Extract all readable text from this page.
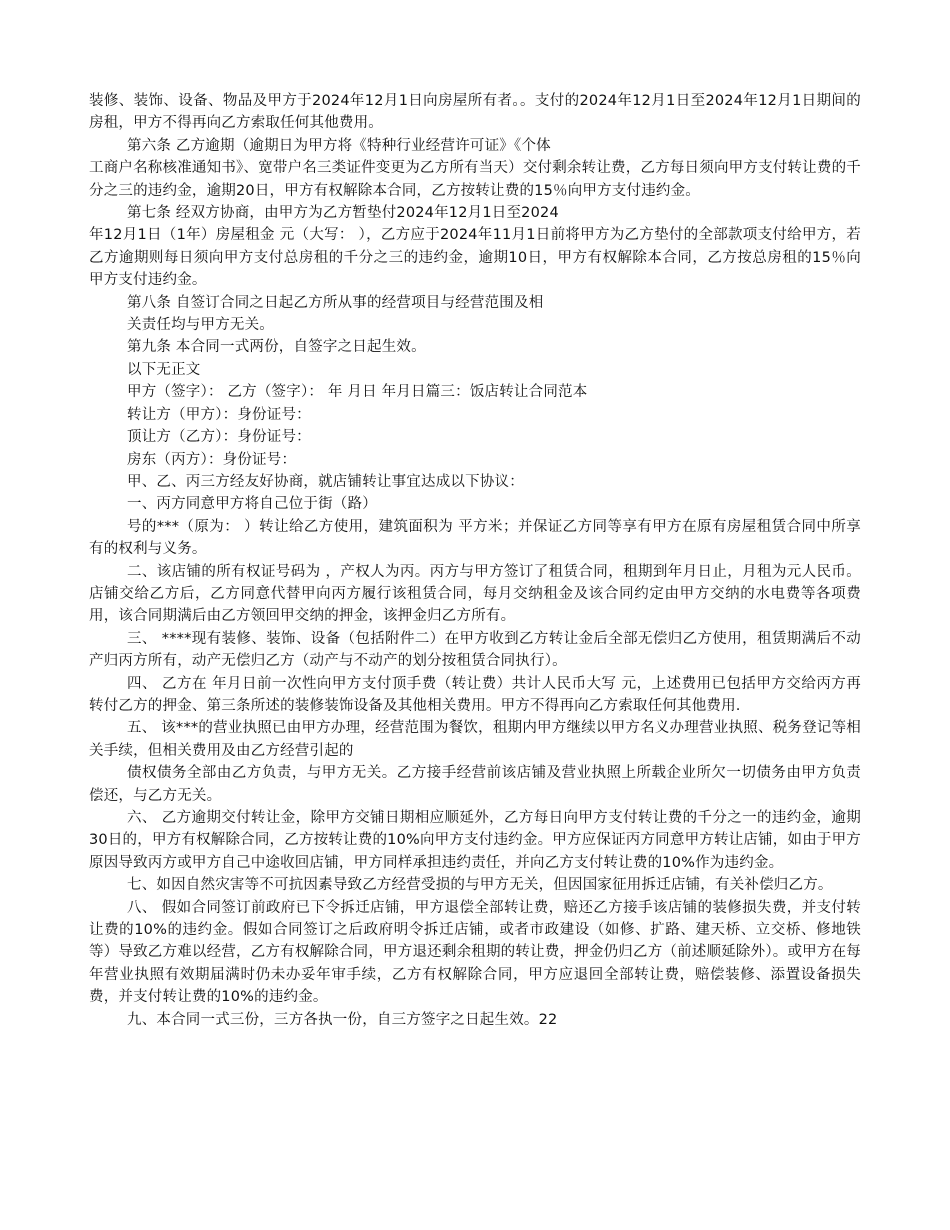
装修、装饰、设备、物品及甲方于2024年12月1日向房屋所有者。。支付的2024年12月1日至2024年12月1日期间的房租，甲方不得再向乙方索取任何其他费用。

第六条 乙方逾期（逾期日为甲方将《特种行业经营许可证》《个体

工商户名称核准通知书》、宽带户名三类证件变更为乙方所有当天）交付剩余转让费，乙方每日须向甲方支付转让费的千分之三的违约金，逾期20日，甲方有权解除本合同，乙方按转让费的15％向甲方支付违约金。

第七条 经双方协商，由甲方为乙方暂垫付2024年12月1日至2024

年12月1日（1年）房屋租金 元（大写： ），乙方应于2024年11月1日前将甲方为乙方垫付的全部款项支付给甲方，若乙方逾期则每日须向甲方支付总房租的千分之三的违约金，逾期10日，甲方有权解除本合同，乙方按总房租的15％向甲方支付违约金。

第八条 自签订合同之日起乙方所从事的经营项目与经营范围及相

关责任均与甲方无关。

第九条 本合同一式两份，自签字之日起生效。

以下无正文

甲方（签字）： 乙方（签字）： 年 月日 年月日篇三：饭店转让合同范本

转让方（甲方）：身份证号：

顶让方（乙方）：身份证号：

房东（丙方）：身份证号：

甲、乙、丙三方经友好协商，就店铺转让事宜达成以下协议：

一、丙方同意甲方将自己位于街（路）

号的***（原为： ）转让给乙方使用，建筑面积为 平方米；并保证乙方同等享有甲方在原有房屋租赁合同中所享有的权利与义务。

二、该店铺的所有权证号码为 ，产权人为丙。丙方与甲方签订了租赁合同，租期到年月日止，月租为元人民币。店铺交给乙方后，乙方同意代替甲向丙方履行该租赁合同，每月交纳租金及该合同约定由甲方交纳的水电费等各项费用，该合同期满后由乙方领回甲交纳的押金，该押金归乙方所有。

三、 ****现有装修、装饰、设备（包括附件二）在甲方收到乙方转让金后全部无偿归乙方使用，租赁期满后不动产归丙方所有，动产无偿归乙方（动产与不动产的划分按租赁合同执行）。

四、 乙方在 年月日前一次性向甲方支付顶手费（转让费）共计人民币大写 元，上述费用已包括甲方交给丙方再转付乙方的押金、第三条所述的装修装饰设备及其他相关费用。甲方不得再向乙方索取任何其他费用.

五、 该***的营业执照已由甲方办理，经营范围为餐饮，租期内甲方继续以甲方名义办理营业执照、税务登记等相关手续，但相关费用及由乙方经营引起的

债权债务全部由乙方负责，与甲方无关。乙方接手经营前该店铺及营业执照上所载企业所欠一切债务由甲方负责偿还，与乙方无关。

六、 乙方逾期交付转让金，除甲方交铺日期相应顺延外，乙方每日向甲方支付转让费的千分之一的违约金，逾期30日的，甲方有权解除合同，乙方按转让费的10%向甲方支付违约金。甲方应保证丙方同意甲方转让店铺，如由于甲方原因导致丙方或甲方自己中途收回店铺，甲方同样承担违约责任，并向乙方支付转让费的10%作为违约金。

七、如因自然灾害等不可抗因素导致乙方经营受损的与甲方无关，但因国家征用拆迁店铺，有关补偿归乙方。

八、 假如合同签订前政府已下令拆迁店铺，甲方退偿全部转让费，赔还乙方接手该店铺的装修损失费，并支付转让费的10%的违约金。假如合同签订之后政府明令拆迁店铺，或者市政建设（如修、扩路、建天桥、立交桥、修地铁等）导致乙方难以经营，乙方有权解除合同，甲方退还剩余租期的转让费，押金仍归乙方（前述顺延除外）。或甲方在每年营业执照有效期届满时仍未办妥年审手续，乙方有权解除合同，甲方应退回全部转让费，赔偿装修、添置设备损失费，并支付转让费的10%的违约金。

九、本合同一式三份，三方各执一份，自三方签字之日起生效。22
